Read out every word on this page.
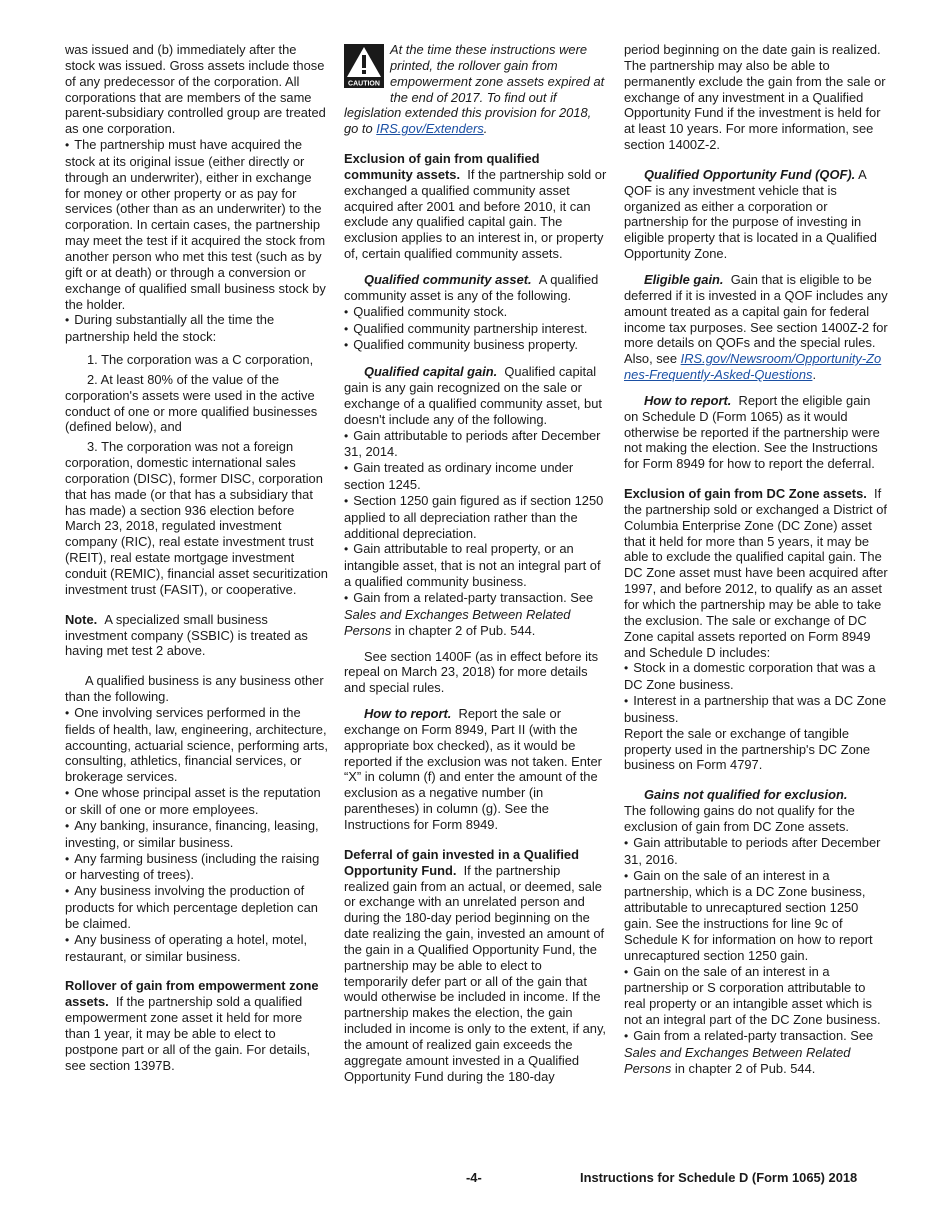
was issued and (b) immediately after the stock was issued. Gross assets include those of any predecessor of the corporation. All corporations that are members of the same parent-subsidiary controlled group are treated as one corporation.

• The partnership must have acquired the stock at its original issue (either directly or through an underwriter), either in exchange for money or other property or as pay for services (other than as an underwriter) to the corporation. In certain cases, the partnership may meet the test if it acquired the stock from another person who met this test (such as by gift or at death) or through a conversion or exchange of qualified small business stock by the holder.

• During substantially all the time the partnership held the stock:

1. The corporation was a C corporation,

2. At least 80% of the value of the corporation's assets were used in the active conduct of one or more qualified businesses (defined below), and

3. The corporation was not a foreign corporation, domestic international sales corporation (DISC), former DISC, corporation that has made (or that has a subsidiary that has made) a section 936 election before March 23, 2018, regulated investment company (RIC), real estate investment trust (REIT), real estate mortgage investment conduit (REMIC), financial asset securitization investment trust (FASIT), or cooperative.

Note. A specialized small business investment company (SSBIC) is treated as having met test 2 above.

A qualified business is any business other than the following.

• One involving services performed in the fields of health, law, engineering, architecture, accounting, actuarial science, performing arts, consulting, athletics, financial services, or brokerage services.

• One whose principal asset is the reputation or skill of one or more employees.

• Any banking, insurance, financing, leasing, investing, or similar business.

• Any farming business (including the raising or harvesting of trees).

• Any business involving the production of products for which percentage depletion can be claimed.

• Any business of operating a hotel, motel, restaurant, or similar business.

Rollover of gain from empowerment zone assets. If the partnership sold a qualified empowerment zone asset it held for more than 1 year, it may be able to elect to postpone part or all of the gain. For details, see section 1397B.

CAUTION

At the time these instructions were printed, the rollover gain from empowerment zone assets expired at the end of 2017. To find out if legislation extended this provision for 2018, go to IRS.gov/Extenders.

Exclusion of gain from qualified community assets. If the partnership sold or exchanged a qualified community asset acquired after 2001 and before 2010, it can exclude any qualified capital gain. The exclusion applies to an interest in, or property of, certain qualified community assets.

Qualified community asset. A qualified community asset is any of the following.

• Qualified community stock.

• Qualified community partnership interest.

• Qualified community business property.

Qualified capital gain. Qualified capital gain is any gain recognized on the sale or exchange of a qualified community asset, but doesn't include any of the following.

• Gain attributable to periods after December 31, 2014.

• Gain treated as ordinary income under section 1245.

• Section 1250 gain figured as if section 1250 applied to all depreciation rather than the additional depreciation.

• Gain attributable to real property, or an intangible asset, that is not an integral part of a qualified community business.

• Gain from a related-party transaction. See Sales and Exchanges Between Related Persons in chapter 2 of Pub. 544.

See section 1400F (as in effect before its repeal on March 23, 2018) for more details and special rules.

How to report. Report the sale or exchange on Form 8949, Part II (with the appropriate box checked), as it would be reported if the exclusion was not taken. Enter “X” in column (f) and enter the amount of the exclusion as a negative number (in parentheses) in column (g). See the Instructions for Form 8949.

Deferral of gain invested in a Qualified Opportunity Fund. If the partnership realized gain from an actual, or deemed, sale or exchange with an unrelated person and during the 180-day period beginning on the date realizing the gain, invested an amount of the gain in a Qualified Opportunity Fund, the partnership may be able to elect to temporarily defer part or all of the gain that would otherwise be included in income. If the partnership makes the election, the gain included in income is only to the extent, if any, the amount of realized gain exceeds the aggregate amount invested in a Qualified Opportunity Fund during the 180-day

period beginning on the date gain is realized. The partnership may also be able to permanently exclude the gain from the sale or exchange of any investment in a Qualified Opportunity Fund if the investment is held for at least 10 years. For more information, see section 1400Z-2.

Qualified Opportunity Fund (QOF). A QOF is any investment vehicle that is organized as either a corporation or partnership for the purpose of investing in eligible property that is located in a Qualified Opportunity Zone.

Eligible gain. Gain that is eligible to be deferred if it is invested in a QOF includes any amount treated as a capital gain for federal income tax purposes. See section 1400Z-2 for more details on QOFs and the special rules. Also, see IRS.gov/Newsroom/Opportunity-Zones-Frequently-Asked-Questions.

How to report. Report the eligible gain on Schedule D (Form 1065) as it would otherwise be reported if the partnership were not making the election. See the Instructions for Form 8949 for how to report the deferral.

Exclusion of gain from DC Zone assets. If the partnership sold or exchanged a District of Columbia Enterprise Zone (DC Zone) asset that it held for more than 5 years, it may be able to exclude the qualified capital gain. The DC Zone asset must have been acquired after 1997, and before 2012, to qualify as an asset for which the partnership may be able to take the exclusion. The sale or exchange of DC Zone capital assets reported on Form 8949 and Schedule D includes:

• Stock in a domestic corporation that was a DC Zone business.

• Interest in a partnership that was a DC Zone business.

Report the sale or exchange of tangible property used in the partnership's DC Zone business on Form 4797.

Gains not qualified for exclusion.

The following gains do not qualify for the exclusion of gain from DC Zone assets.

• Gain attributable to periods after December 31, 2016.

• Gain on the sale of an interest in a partnership, which is a DC Zone business, attributable to unrecaptured section 1250 gain. See the instructions for line 9c of Schedule K for information on how to report unrecaptured section 1250 gain.

• Gain on the sale of an interest in a partnership or S corporation attributable to real property or an intangible asset which is not an integral part of the DC Zone business.

• Gain from a related-party transaction. See Sales and Exchanges Between Related Persons in chapter 2 of Pub. 544.

-4-	Instructions for Schedule D (Form 1065) 2018
